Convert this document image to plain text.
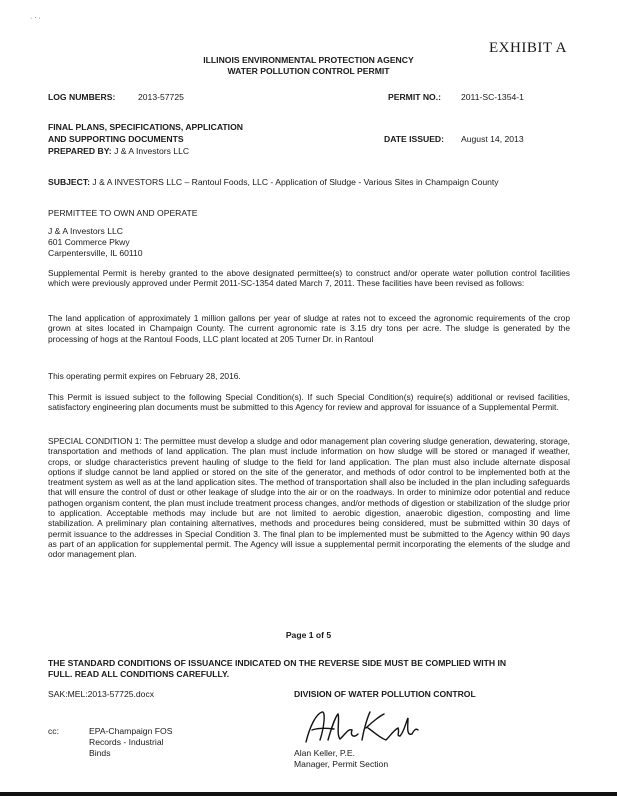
· ⋅ ·
EXHIBIT A
ILLINOIS ENVIRONMENTAL PROTECTION AGENCY
WATER POLLUTION CONTROL PERMIT
LOG NUMBERS:	2013-57725	PERMIT NO.: 2011-SC-1354-1
FINAL PLANS, SPECIFICATIONS, APPLICATION
AND SUPPORTING DOCUMENTS
PREPARED BY: J & A Investors LLC
DATE ISSUED: August 14, 2013
SUBJECT: J & A INVESTORS LLC – Rantoul Foods, LLC - Application of Sludge - Various Sites in Champaign County
PERMITTEE TO OWN AND OPERATE
J & A Investors LLC
601 Commerce Pkwy
Carpentersville, IL 60110
Supplemental Permit is hereby granted to the above designated permittee(s) to construct and/or operate water pollution control facilities which were previously approved under Permit 2011-SC-1354 dated March 7, 2011. These facilities have been revised as follows:
The land application of approximately 1 million gallons per year of sludge at rates not to exceed the agronomic requirements of the crop grown at sites located in Champaign County. The current agronomic rate is 3.15 dry tons per acre. The sludge is generated by the processing of hogs at the Rantoul Foods, LLC plant located at 205 Turner Dr. in Rantoul
This operating permit expires on February 28, 2016.
This Permit is issued subject to the following Special Condition(s). If such Special Condition(s) require(s) additional or revised facilities, satisfactory engineering plan documents must be submitted to this Agency for review and approval for issuance of a Supplemental Permit.
SPECIAL CONDITION 1: The permittee must develop a sludge and odor management plan covering sludge generation, dewatering, storage, transportation and methods of land application. The plan must include information on how sludge will be stored or managed if weather, crops, or sludge characteristics prevent hauling of sludge to the field for land application. The plan must also include alternate disposal options if sludge cannot be land applied or stored on the site of the generator, and methods of odor control to be implemented both at the treatment system as well as at the land application sites. The method of transportation shall also be included in the plan including safeguards that will ensure the control of dust or other leakage of sludge into the air or on the roadways. In order to minimize odor potential and reduce pathogen organism content, the plan must include treatment process changes, and/or methods of digestion or stabilization of the sludge prior to application. Acceptable methods may include but are not limited to aerobic digestion, anaerobic digestion, composting and lime stabilization. A preliminary plan containing alternatives, methods and procedures being considered, must be submitted within 30 days of permit issuance to the addresses in Special Condition 3. The final plan to be implemented must be submitted to the Agency within 90 days as part of an application for supplemental permit. The Agency will issue a supplemental permit incorporating the elements of the sludge and odor management plan.
Page 1 of 5
THE STANDARD CONDITIONS OF ISSUANCE INDICATED ON THE REVERSE SIDE MUST BE COMPLIED WITH IN
FULL. READ ALL CONDITIONS CAREFULLY.
SAK:MEL:2013-57725.docx	DIVISION OF WATER POLLUTION CONTROL
cc:	EPA-Champaign FOS
Records - Industrial
Binds	Alan Keller, P.E.
Manager, Permit Section
